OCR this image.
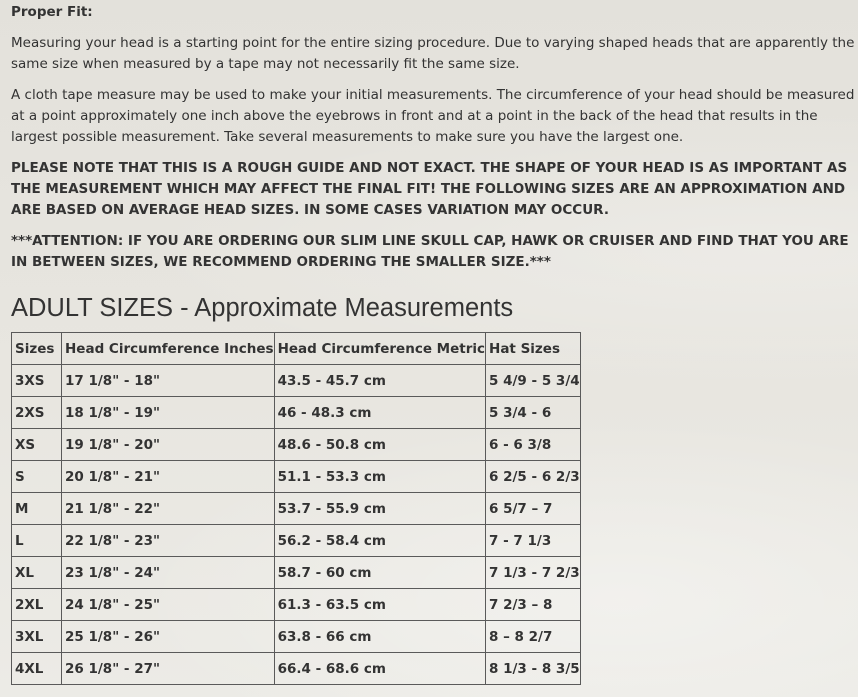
Proper Fit:

Measuring your head is a starting point for the entire sizing procedure. Due to varying shaped heads that are apparently the same size when measured by a tape may not necessarily fit the same size.

A cloth tape measure may be used to make your initial measurements. The circumference of your head should be measured at a point approximately one inch above the eyebrows in front and at a point in the back of the head that results in the largest possible measurement. Take several measurements to make sure you have the largest one.

PLEASE NOTE THAT THIS IS A ROUGH GUIDE AND NOT EXACT. THE SHAPE OF YOUR HEAD IS AS IMPORTANT AS THE MEASUREMENT WHICH MAY AFFECT THE FINAL FIT! THE FOLLOWING SIZES ARE AN APPROXIMATION AND ARE BASED ON AVERAGE HEAD SIZES. IN SOME CASES VARIATION MAY OCCUR.

***ATTENTION: IF YOU ARE ORDERING OUR SLIM LINE SKULL CAP, HAWK OR CRUISER AND FIND THAT YOU ARE IN BETWEEN SIZES, WE RECOMMEND ORDERING THE SMALLER SIZE.***

ADULT SIZES - Approximate Measurements
Sizes	Head Circumference Inches	Head Circumference Metric	Hat Sizes
3XS	17 1/8" - 18"	43.5 - 45.7 cm	5 4/9 - 5 3/4
2XS	18 1/8" - 19"	46 - 48.3 cm	5 3/4 - 6
XS	19 1/8" - 20"	48.6 - 50.8 cm	6 - 6 3/8
S	20 1/8" - 21"	51.1 - 53.3 cm	6 2/5 - 6 2/3
M	21 1/8" - 22"	53.7 - 55.9 cm	6 5/7 – 7
L	22 1/8" - 23"	56.2 - 58.4 cm	7 - 7 1/3
XL	23 1/8" - 24"	58.7 - 60 cm	7 1/3 - 7 2/3
2XL	24 1/8" - 25"	61.3 - 63.5 cm	7 2/3 – 8
3XL	25 1/8" - 26"	63.8 - 66 cm	8 – 8 2/7
4XL	26 1/8" - 27"	66.4 - 68.6 cm	8 1/3 - 8 3/5
